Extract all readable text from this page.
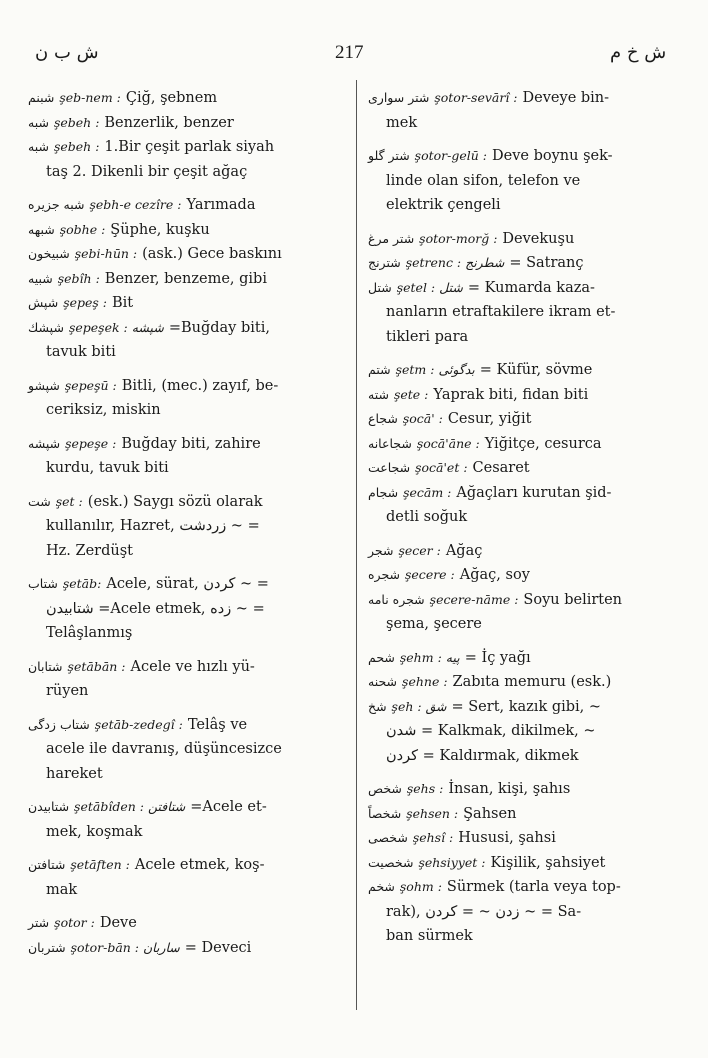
ش ب ن	217	ش خ م
شبنم şeb-nem : Çiğ, şebnem
شبه şebeh : Benzerlik, benzer
شبه şebeh : 1.Bir çeşit parlak siyah
taş 2. Dikenli bir çeşit ağaç
شبه جزيره şebh-e cezîre : Yarımada
شبهه şobhe : Şüphe, kuşku
شبيخون şebi-hūn : (ask.) Gece baskını
شبيه şebîh : Benzer, benzeme, gibi
شپش şepeş : Bit
شپشك şepeşek : شپشه =Buğday biti,
tavuk biti
شپشو şepeşū : Bitli, (mec.) zayıf, be-
ceriksiz, miskin
شپشه şepeşe : Buğday biti, zahire
kurdu, tavuk biti
شت şet : (esk.) Saygı sözü olarak
kullanılır, Hazret, زردشت ~ =
Hz. Zerdüşt
شتاب şetāb: Acele, sürat, كردن ~ =
شتابيدن =Acele etmek, زده ~ =
Telâşlanmış
شتابان şetābān : Acele ve hızlı yü-
rüyen
شتاب زدگى şetāb-zedegî : Telâş ve
acele ile davranış, düşüncesizce
hareket
شتابيدن şetābîden : شتافتن =Acele et-
mek, koşmak
شتافتن şetāften : Acele etmek, koş-
mak
شتر şotor : Deve
شتربان şotor-bān : ساربان = Deveci
شتر سوارى şotor-sevārî : Deveye bin-
mek
شتر گلو şotor-gelū : Deve boynu şek-
linde olan sifon, telefon ve
elektrik çengeli
شتر مرغ şotor-morğ : Devekuşu
شترنج şetrenc : شطرنج = Satranç
شتل şetel : شتل = Kumarda kaza-
nanların etraftakilere ikram et-
tikleri para
شتم şetm : بدگوئى = Küfür, sövme
شته şete : Yaprak biti, fidan biti
شجاع şocā' : Cesur, yiğit
شجاعانه şocā'āne : Yiğitçe, cesurca
شجاعت şocā'et : Cesaret
شجام şecām : Ağaçları kurutan şid-
detli soğuk
شجر şecer : Ağaç
شجره şecere : Ağaç, soy
شجره نامه şecere-nāme : Soyu belirten
şema, şecere
شحم şehm : پيه = İç yağı
شحنه şehne : Zabıta memuru (esk.)
شخ şeh : شق = Sert, kazık gibi, ~
شدن = Kalkmak, dikilmek, ~
كردن = Kaldırmak, dikmek
شخص şehs : İnsan, kişi, şahıs
شخصاً şehsen : Şahsen
شخصى şehsî : Hususi, şahsi
شخصيت şehsiyyet : Kişilik, şahsiyet
شخم şohm : Sürmek (tarla veya top-
rak), زدن ~ = كردن ~ = Sa-
ban sürmek
